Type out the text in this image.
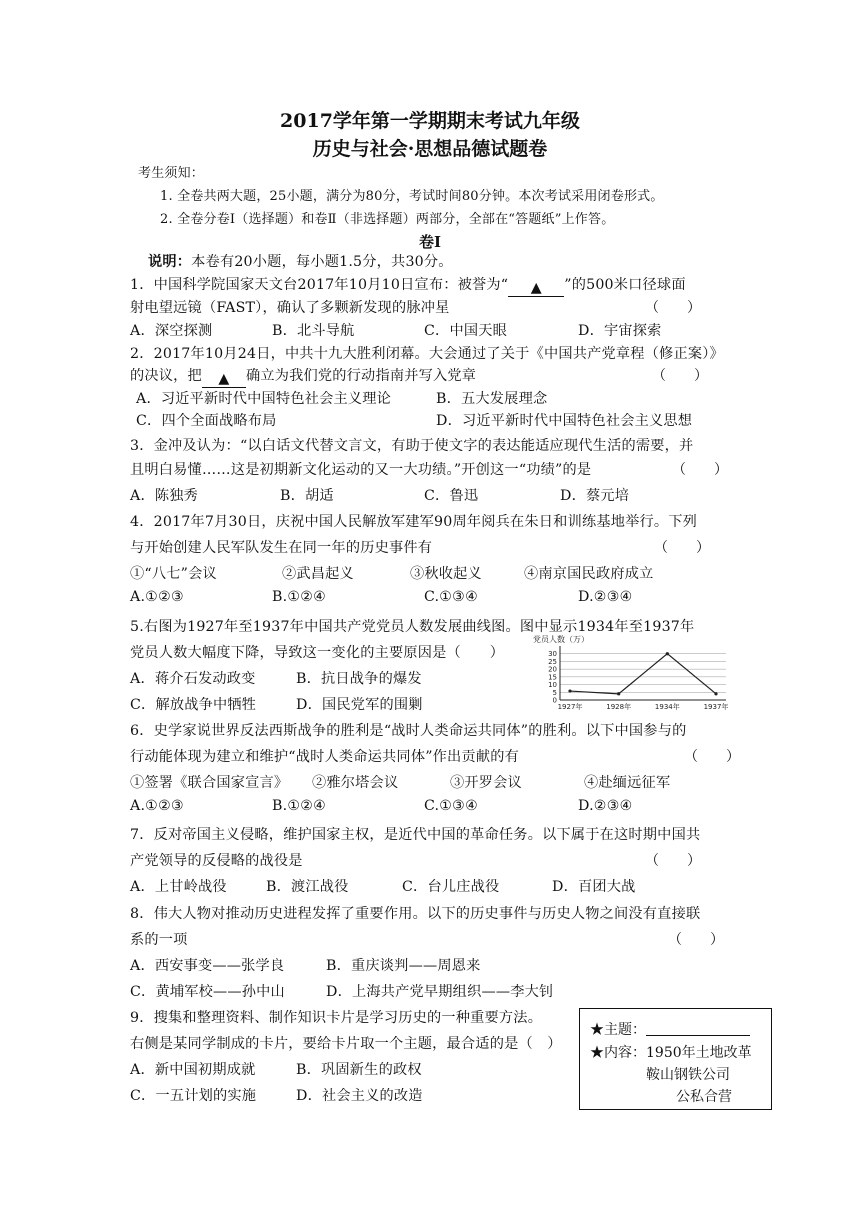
2017学年第一学期期末考试九年级
历史与社会·思想品德试题卷
考生须知：
1. 全卷共两大题，25小题，满分为80分，考试时间80分钟。本次考试采用闭卷形式。
2. 全卷分卷Ⅰ（选择题）和卷Ⅱ（非选择题）两部分，全部在“答题纸”上作答。
卷Ⅰ
说明：本卷有20小题，每小题1.5分，共30分。
1．中国科学院国家天文台2017年10月10日宣布：被誉为“ ▲ ”的500米口径球面
射电望远镜（FAST），确认了多颗新发现的脉冲星	（　　）
A．深空探测	B．北斗导航	C．中国天眼	D．宇宙探索
2．2017年10月24日，中共十九大胜利闭幕。大会通过了关于《中国共产党章程（修正案）》
的决议，把 ▲ 确立为我们党的行动指南并写入党章	（　　）
A．习近平新时代中国特色社会主义理论	B．五大发展理念
C．四个全面战略布局	D．习近平新时代中国特色社会主义思想
3．金冲及认为：“以白话文代替文言文，有助于使文字的表达能适应现代生活的需要，并
且明白易懂……这是初期新文化运动的又一大功绩。”开创这一“功绩”的是	（　　）
A．陈独秀	B．胡适	C．鲁迅	D．蔡元培
4．2017年7月30日，庆祝中国人民解放军建军90周年阅兵在朱日和训练基地举行。下列
与开始创建人民军队发生在同一年的历史事件有	（　　）
①“八七”会议	②武昌起义	③秋收起义	④南京国民政府成立
A.①②③	B.①②④	C.①③④	D.②③④
5.右图为1927年至1937年中国共产党党员人数发展曲线图。图中显示1934年至1937年
党员人数大幅度下降，导致这一变化的主要原因是（　　）
A．蒋介石发动政变	B．抗日战争的爆发
C．解放战争中牺牲	D．国民党军的围剿
党员人数（万）
0
5
10
15
20
25
30
1927年	1928年	1934年	1937年
6．史学家说世界反法西斯战争的胜利是“战时人类命运共同体”的胜利。以下中国参与的
行动能体现为建立和维护“战时人类命运共同体”作出贡献的有	（　　）
①签署《联合国家宣言》 ②雅尔塔会议	③开罗会议	④赴缅远征军
A.①②③	B.①②④	C.①③④	D.②③④
7．反对帝国主义侵略，维护国家主权，是近代中国的革命任务。以下属于在这时期中国共
产党领导的反侵略的战役是	（　　）
A．上甘岭战役	B．渡江战役	C．台儿庄战役	D．百团大战
8．伟大人物对推动历史进程发挥了重要作用。以下的历史事件与历史人物之间没有直接联
系的一项	（　　）
A．西安事变——张学良	B．重庆谈判——周恩来
C．黄埔军校——孙中山	D．上海共产党早期组织——李大钊
9．搜集和整理资料、制作知识卡片是学习历史的一种重要方法。
右侧是某同学制成的卡片，要给卡片取一个主题，最合适的是（　）
A．新中国初期成就	B．巩固新生的政权
C．一五计划的实施	D．社会主义的改造
★主题：
★内容：1950年土地改革
鞍山钢铁公司
公私合营
